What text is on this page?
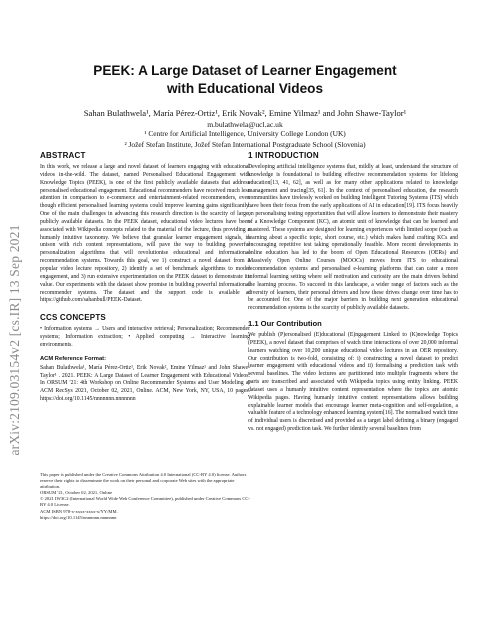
arXiv:2109.03154v2 [cs.IR] 13 Sep 2021
PEEK: A Large Dataset of Learner Engagement
with Educational Videos
Sahan Bulathwela¹, María Pérez-Ortiz¹, Erik Novak², Emine Yilmaz¹ and John Shawe-Taylor¹
m.bulathwela@ucl.ac.uk
¹ Centre for Artificial Intelligence, University College London (UK)
² Jožef Stefan Institute, Jožef Stefan International Postgraduate School (Slovenia)
ABSTRACT

In this work, we release a large and novel dataset of learners engaging with educational videos in-the-wild. The dataset, named Personalised Educational Engagement with Knowledge Topics (PEEK), is one of the first publicly available datasets that address personalised educational engagement. Educational recommenders have received much less attention in comparison to e-commerce and entertainment-related recommenders, even though efficient personalised learning systems could improve learning gains significantly. One of the main challenges in advancing this research direction is the scarcity of large, publicly available datasets. In the PEEK dataset, educational video lectures have been associated with Wikipedia concepts related to the material of the lecture, thus providing a humanly intuitive taxonomy. We believe that granular learner engagement signals, in unison with rich content representations, will pave the way to building powerful personalization algorithms that will revolutionise educational and informational recommendation systems. Towards this goal, we 1) construct a novel dataset from a popular video lecture repository, 2) identify a set of benchmark algorithms to model engagement, and 3) run extensive experimentation on the PEEK dataset to demonstrate its value. Our experiments with the dataset show promise in building powerful informational recommender systems. The dataset and the support code is available at https://github.com/sahanbull/PEEK-Dataset.

CCS CONCEPTS

• Information systems → Users and interactive retrieval; Personalization; Recommender systems; Information extraction; • Applied computing → Interactive learning environments.

ACM Reference Format:

Sahan Bulathwela¹, María Pérez-Ortiz¹, Erik Novak², Emine Yilmaz¹ and John Shawe-Taylor¹ . 2021. PEEK: A Large Dataset of Learner Engagement with Educational Videos. In ORSUM '21: 4th Workshop on Online Recommender Systems and User Modeling at ACM RecSys 2021, October 02, 2021, Online. ACM, New York, NY, USA, 10 pages. https://doi.org/10.1145/nnnnnnn.nnnnnnn

This paper is published under the Creative Commons Attribution 4.0 International (CC-BY 4.0) license. Authors reserve their rights to disseminate the work on their personal and corporate Web sites with the appropriate attribution.

ORSUM '21, October 02, 2021, Online

© 2021 IW3C2 (International World Wide Web Conference Committee), published under Creative Commons CC-BY 4.0 License.

ACM ISBN 978-x-xxxx-xxxx-x/YY/MM.

https://doi.org/10.1145/nnnnnnn.nnnnnnn

1 INTRODUCTION

Developing artificial intelligence systems that, mildly at least, understand the structure of knowledge is foundational to building effective recommendation systems for lifelong education[13, 41, 62], as well as for many other applications related to knowledge management and tracing[35, 61]. In the context of personalised education, the research communities have tirelessly worked on building Intelligent Tutoring Systems (ITS) which have been their focus from the early applications of AI in education[19]. ITS focus heavily on personalising testing opportunities that will allow learners to demonstrate their mastery of a Knowledge Component (KC), an atomic unit of knowledge that can be learned and mastered. These systems are designed for learning experiences with limited scope (such as learning about a specific topic, short course, etc.) which makes hand crafting KCs and encouraging repetitive test taking operationally feasible. More recent developments in online education has led to the boom of Open Educational Resources (OERs) and Massively Open Online Courses (MOOCs) moves from ITS to educational recommendation systems and personalised e-learning platforms that can cater a more informal learning setting where self motivation and curiosity are the main drivers behind the learning process. To succeed in this landscape, a wider range of factors such as the diversity of learners, their personal drivers and how these drives change over time has to be accounted for. One of the major barriers in building next generation educational recommendation systems is the scarcity of publicly available datasets.

1.1 Our Contribution

We publish (P)ersonalised (E)ducational (E)ngagement Linked to (K)nowledge Topics (PEEK), a novel dataset that comprises of watch time interactions of over 20,000 informal learners watching over 10,200 unique educational video lectures in an OER repository. Our contribution is two-fold, consisting of: i) constructing a novel dataset to predict learner engagement with educational videos and ii) formalising a prediction task with several baselines. The video lectures are partitioned into multiple fragments where the parts are transcribed and associated with Wikipedia topics using entity linking. PEEK dataset uses a humanly intuitive content representation where the topics are atomic Wikipedia pages. Having humanly intuitive content representations allows building explainable learner models that encourage learner meta-cognition and self-regulation, a valuable feature of a technology enhanced learning system[16]. The normalised watch time of individual users is discretised and provided as a target label defining a binary (engaged vs. not engaged) prediction task. We further identify several baselines from
